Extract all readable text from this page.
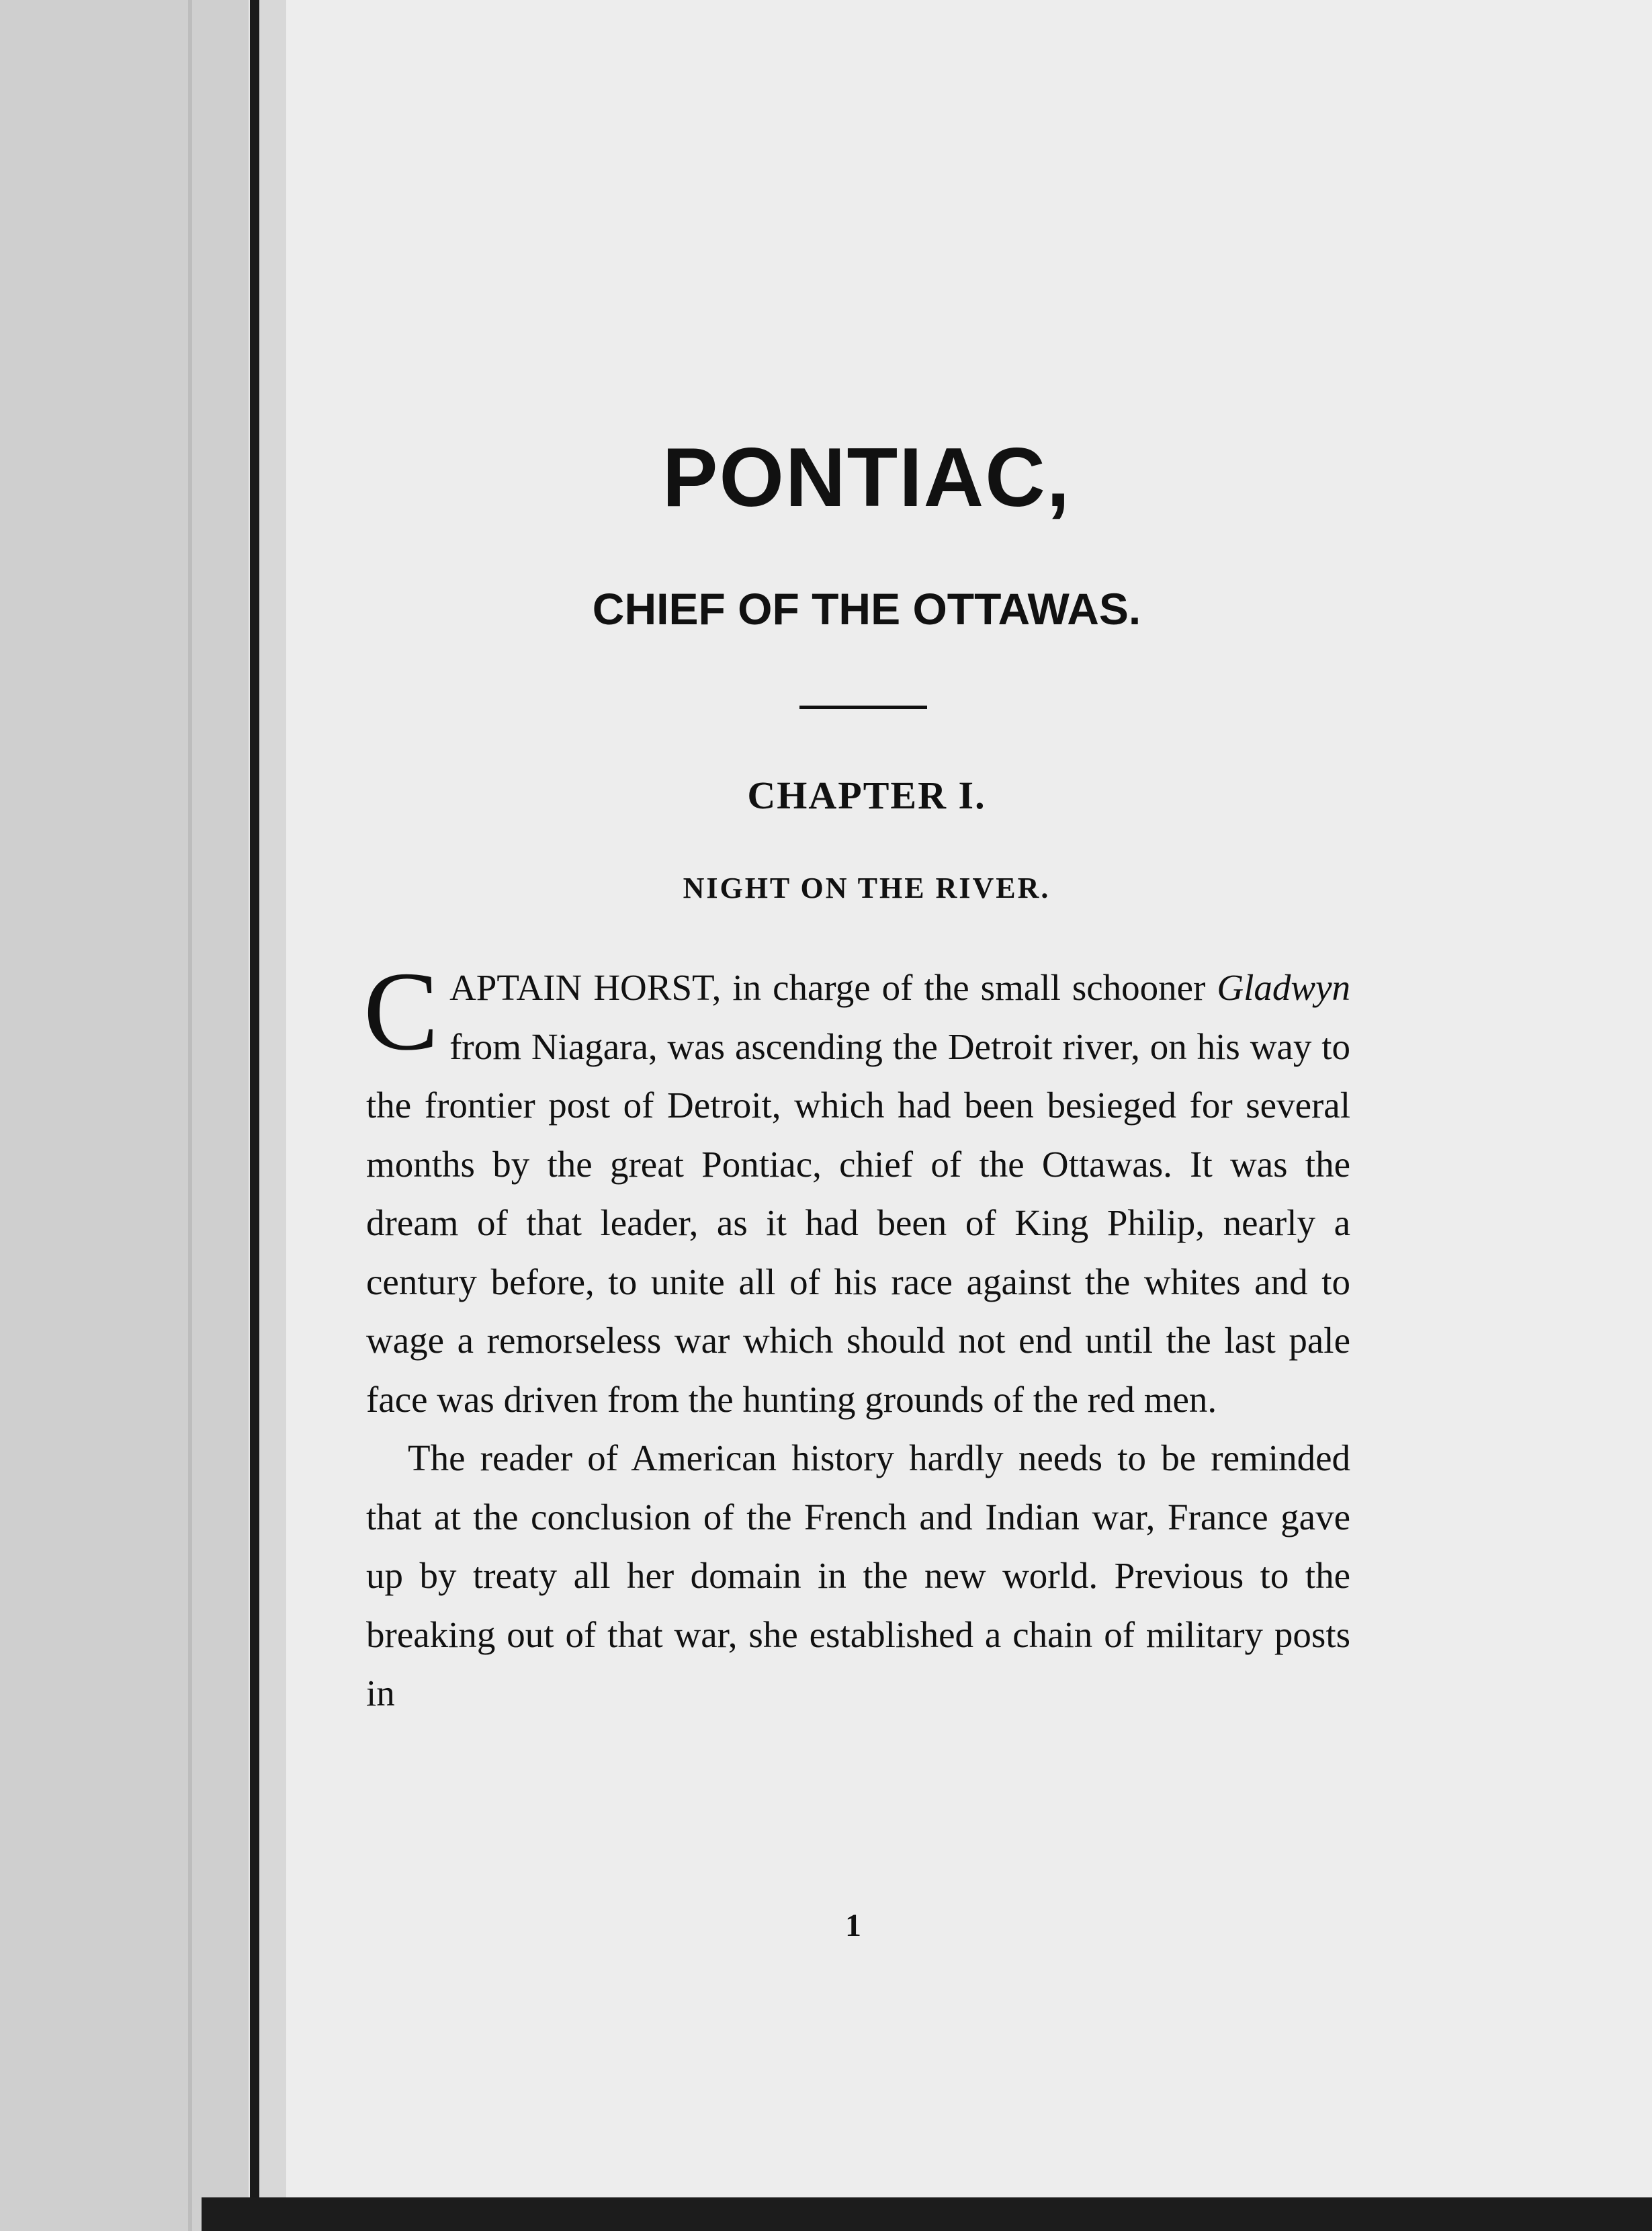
PONTIAC,
CHIEF OF THE OTTAWAS.
CHAPTER I.
NIGHT ON THE RIVER.

CAPTAIN HORST, in charge of the small schooner Gladwyn from Niagara, was ascending the Detroit river, on his way to the frontier post of Detroit, which had been besieged for several months by the great Pontiac, chief of the Ottawas. It was the dream of that leader, as it had been of King Philip, nearly a century before, to unite all of his race against the whites and to wage a remorseless war which should not end until the last pale face was driven from the hunting grounds of the red men.

The reader of American history hardly needs to be reminded that at the conclusion of the French and Indian war, France gave up by treaty all her domain in the new world. Previous to the breaking out of that war, she established a chain of military posts in

1
